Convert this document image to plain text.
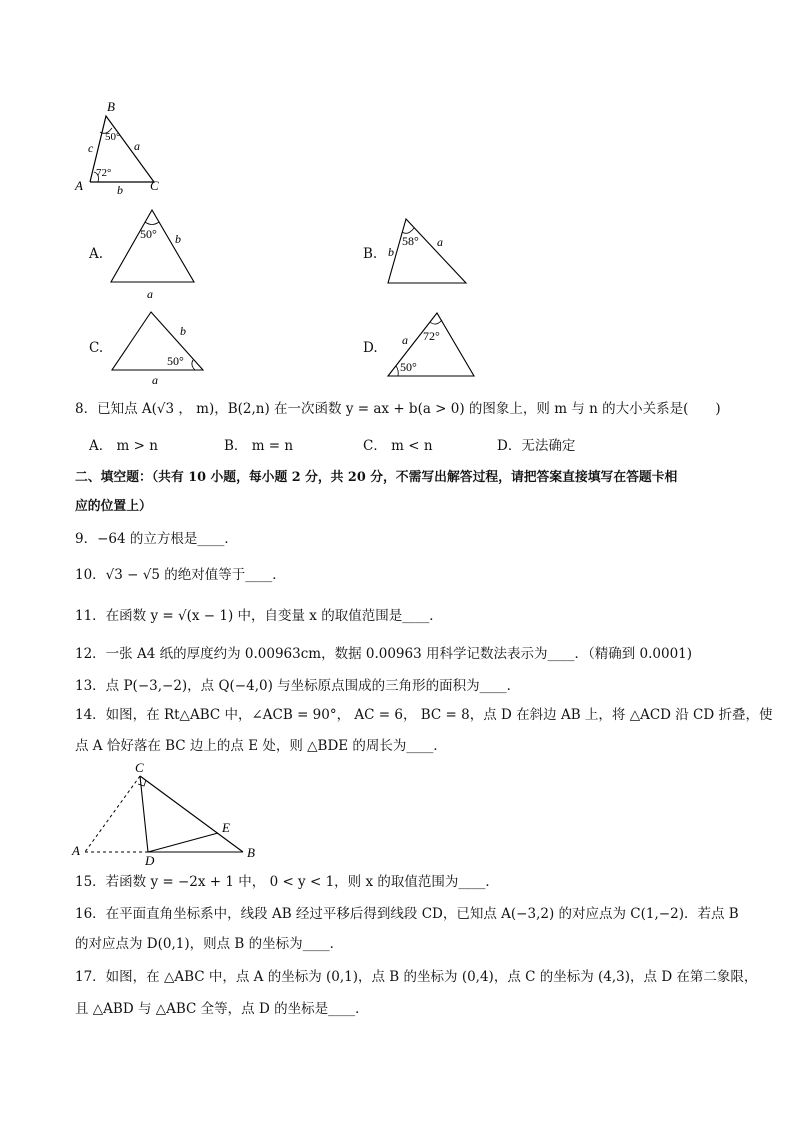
B
A	C
c	a
b
50°
72°
A.
50° b
a
B.
58°
b
a
C.
50°
b
a
D.
72°
50°
a
8．已知点 A(√3 ， m)，B(2,n) 在一次函数 y = ax + b(a > 0) 的图象上，则 m 与 n 的大小关系是(　　)
A． m > n	B． m = n	C． m < n	D．无法确定
二、填空题：（共有 10 小题，每小题 2 分，共 20 分，不需写出解答过程，请把答案直接填写在答题卡相
应的位置上）
9．−64 的立方根是____．
10．√3 − √5 的绝对值等于____．
11．在函数 y = √(x − 1) 中，自变量 x 的取值范围是____．
12．一张 A4 纸的厚度约为 0.00963cm，数据 0.00963 用科学记数法表示为____．（精确到 0.0001)
13．点 P(−3,−2)，点 Q(−4,0) 与坐标原点围成的三角形的面积为____．
14．如图，在 Rt△ABC 中，∠ACB = 90°， AC = 6， BC = 8，点 D 在斜边 AB 上，将 △ACD 沿 CD 折叠，使
点 A 恰好落在 BC 边上的点 E 处，则 △BDE 的周长为____．
C
A
D
E
B
15．若函数 y = −2x + 1 中， 0 < y < 1，则 x 的取值范围为____．
16．在平面直角坐标系中，线段 AB 经过平移后得到线段 CD，已知点 A(−3,2) 的对应点为 C(1,−2)．若点 B
的对应点为 D(0,1)，则点 B 的坐标为____．
17．如图，在 △ABC 中，点 A 的坐标为 (0,1)，点 B 的坐标为 (0,4)，点 C 的坐标为 (4,3)，点 D 在第二象限，
且 △ABD 与 △ABC 全等，点 D 的坐标是____．
